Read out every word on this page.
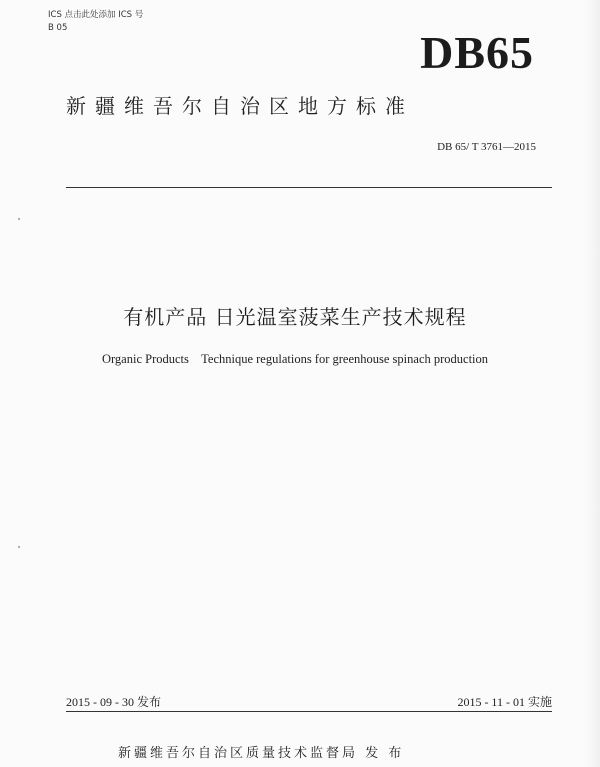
ICS 点击此处添加 ICS 号
B 05	DB65
新疆维吾尔自治区地方标准
DB 65/ T 3761—2015
有机产品 日光温室菠菜生产技术规程
Organic Products    Technique regulations for greenhouse spinach production
2015 - 09 - 30 发布	2015 - 11 - 01 实施
新疆维吾尔自治区质量技术监督局 发 布
